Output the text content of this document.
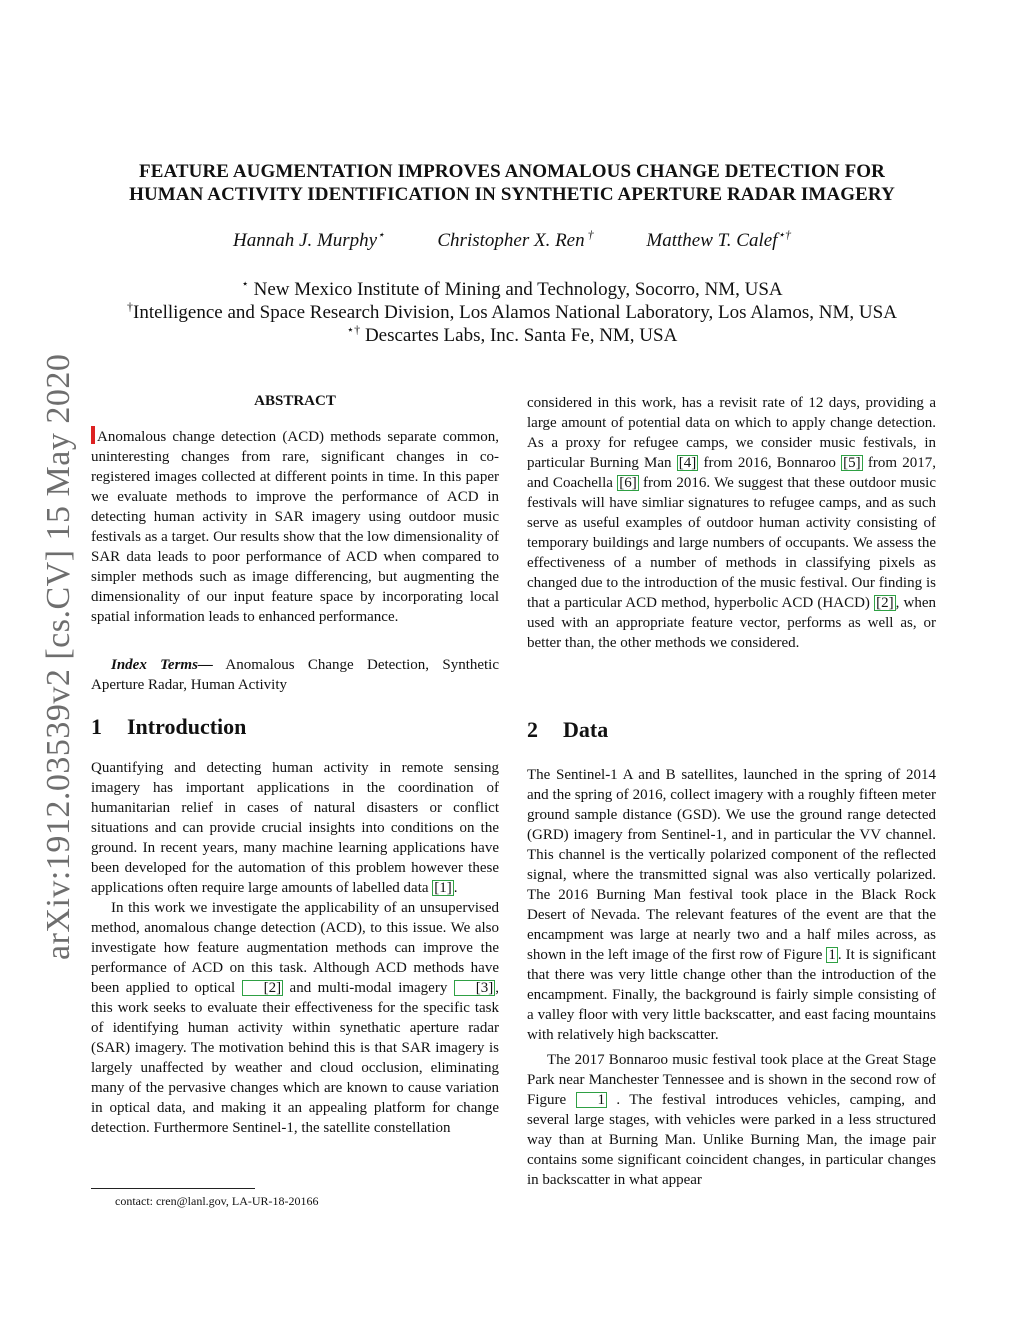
arXiv:1912.03539v2 [cs.CV] 15 May 2020
FEATURE AUGMENTATION IMPROVES ANOMALOUS CHANGE DETECTION FOR
HUMAN ACTIVITY IDENTIFICATION IN SYNTHETIC APERTURE RADAR IMAGERY
Hannah J. Murphy⋆	Christopher X. Ren †	Matthew T. Calef⋆†
⋆ New Mexico Institute of Mining and Technology, Socorro, NM, USA
†Intelligence and Space Research Division, Los Alamos National Laboratory, Los Alamos, NM, USA
⋆† Descartes Labs, Inc. Santa Fe, NM, USA
ABSTRACT

Anomalous change detection (ACD) methods separate common, uninteresting changes from rare, significant changes in co-registered images collected at different points in time. In this paper we evaluate methods to improve the performance of ACD in detecting human activity in SAR imagery using outdoor music festivals as a target. Our results show that the low dimensionality of SAR data leads to poor performance of ACD when compared to simpler methods such as image differencing, but augmenting the dimensionality of our input feature space by incorporating local spatial information leads to enhanced performance.

Index Terms— Anomalous Change Detection, Synthetic Aperture Radar, Human Activity

1 Introduction

Quantifying and detecting human activity in remote sensing imagery has important applications in the coordination of humanitarian relief in cases of natural disasters or conflict situations and can provide crucial insights into conditions on the ground. In recent years, many machine learning applications have been developed for the automation of this problem however these applications often require large amounts of labelled data [1] .

In this work we investigate the applicability of an unsupervised method, anomalous change detection (ACD), to this issue. We also investigate how feature augmentation methods can improve the performance of ACD on this task. Although ACD methods have been applied to optical [2] and multi-modal imagery [3] , this work seeks to evaluate their effectiveness for the specific task of identifying human activity within synethatic aperture radar (SAR) imagery. The motivation behind this is that SAR imagery is largely unaffected by weather and cloud occlusion, eliminating many of the pervasive changes which are known to cause variation in optical data, and making it an appealing platform for change detection. Furthermore Sentinel-1, the satellite constellation

contact: cren@lanl.gov, LA-UR-18-20166

considered in this work, has a revisit rate of 12 days, providing a large amount of potential data on which to apply change detection. As a proxy for refugee camps, we consider music festivals, in particular Burning Man [4] from 2016, Bonnaroo [5] from 2017, and Coachella [6] from 2016. We suggest that these outdoor music festivals will have simliar signatures to refugee camps, and as such serve as useful examples of outdoor human activity consisting of temporary buildings and large numbers of occupants. We assess the effectiveness of a number of methods in classifying pixels as changed due to the introduction of the music festival. Our finding is that a particular ACD method, hyperbolic ACD (HACD) [2] , when used with an appropriate feature vector, performs as well as, or better than, the other methods we considered.

2 Data

The Sentinel-1 A and B satellites, launched in the spring of 2014 and the spring of 2016, collect imagery with a roughly fifteen meter ground sample distance (GSD). We use the ground range detected (GRD) imagery from Sentinel-1, and in particular the VV channel. This channel is the vertically polarized component of the reflected signal, where the transmitted signal was also vertically polarized. The 2016 Burning Man festival took place in the Black Rock Desert of Nevada. The relevant features of the event are that the encampment was large at nearly two and a half miles across, as shown in the left image of the first row of Figure 1 . It is significant that there was very little change other than the introduction of the encampment. Finally, the background is fairly simple consisting of a valley floor with very little backscatter, and east facing mountains with relatively high backscatter.

The 2017 Bonnaroo music festival took place at the Great Stage Park near Manchester Tennessee and is shown in the second row of Figure 1 . The festival introduces vehicles, camping, and several large stages, with vehicles were parked in a less structured way than at Burning Man. Unlike Burning Man, the image pair contains some significant coincident changes, in particular changes in backscatter in what appear
